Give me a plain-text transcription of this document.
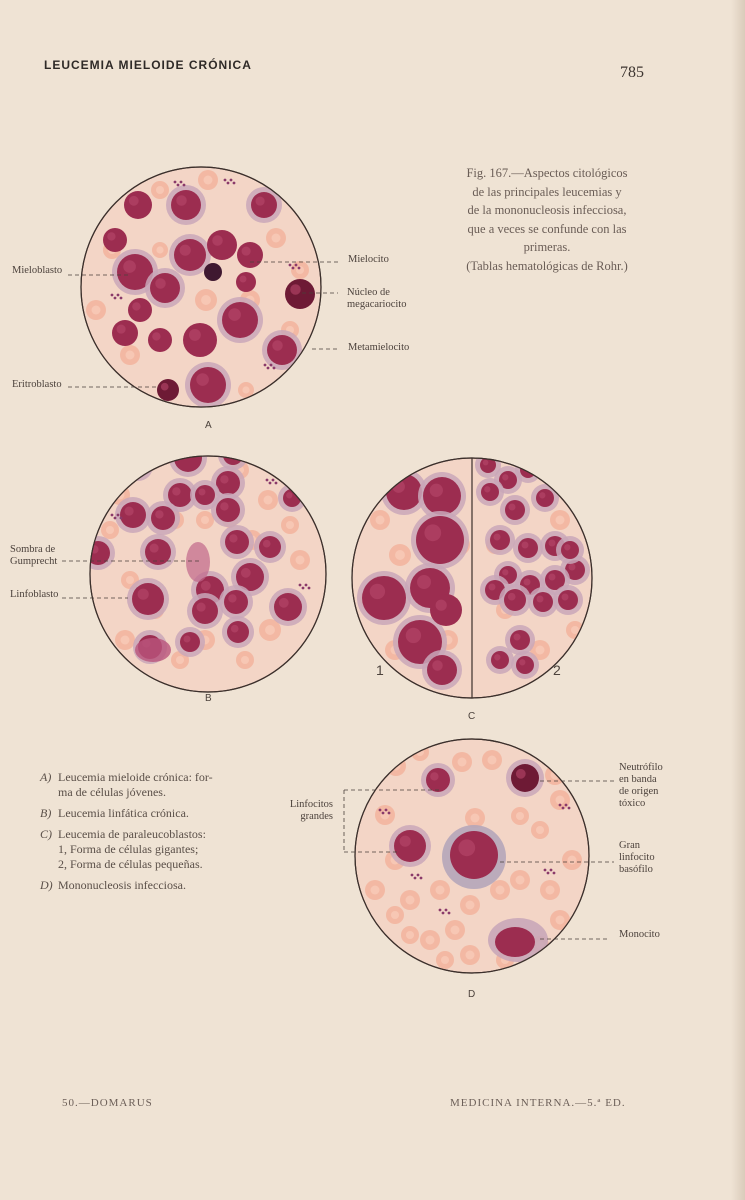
LEUCEMIA MIELOIDE CRÓNICA	785
Fig. 167.—Aspectos citológicos
de las principales leucemias y
de la mononucleosis infecciosa,
que a veces se confunde con las
primeras.
(Tablas hematológicas de Rohr.)
Mieloblasto
Eritroblasto
Mielocito
Núcleo de
megacariocito
Metamielocito
A
Sombra de
Gumprecht
Linfoblasto
B
1	2
C
Linfocitos
grandes
Neutrófilo
en banda
de origen
tóxico
Gran
linfocito
basófilo
Monocito
D
A) Leucemia mieloide crónica: for-
ma de células jóvenes.
B) Leucemia linfática crónica.
C) Leucemia de paraleucoblastos:
1, Forma de células gigantes;
2, Forma de células pequeñas.
D) Mononucleosis infecciosa.
50.—DOMARUS	MEDICINA INTERNA.—5.ª ED.
